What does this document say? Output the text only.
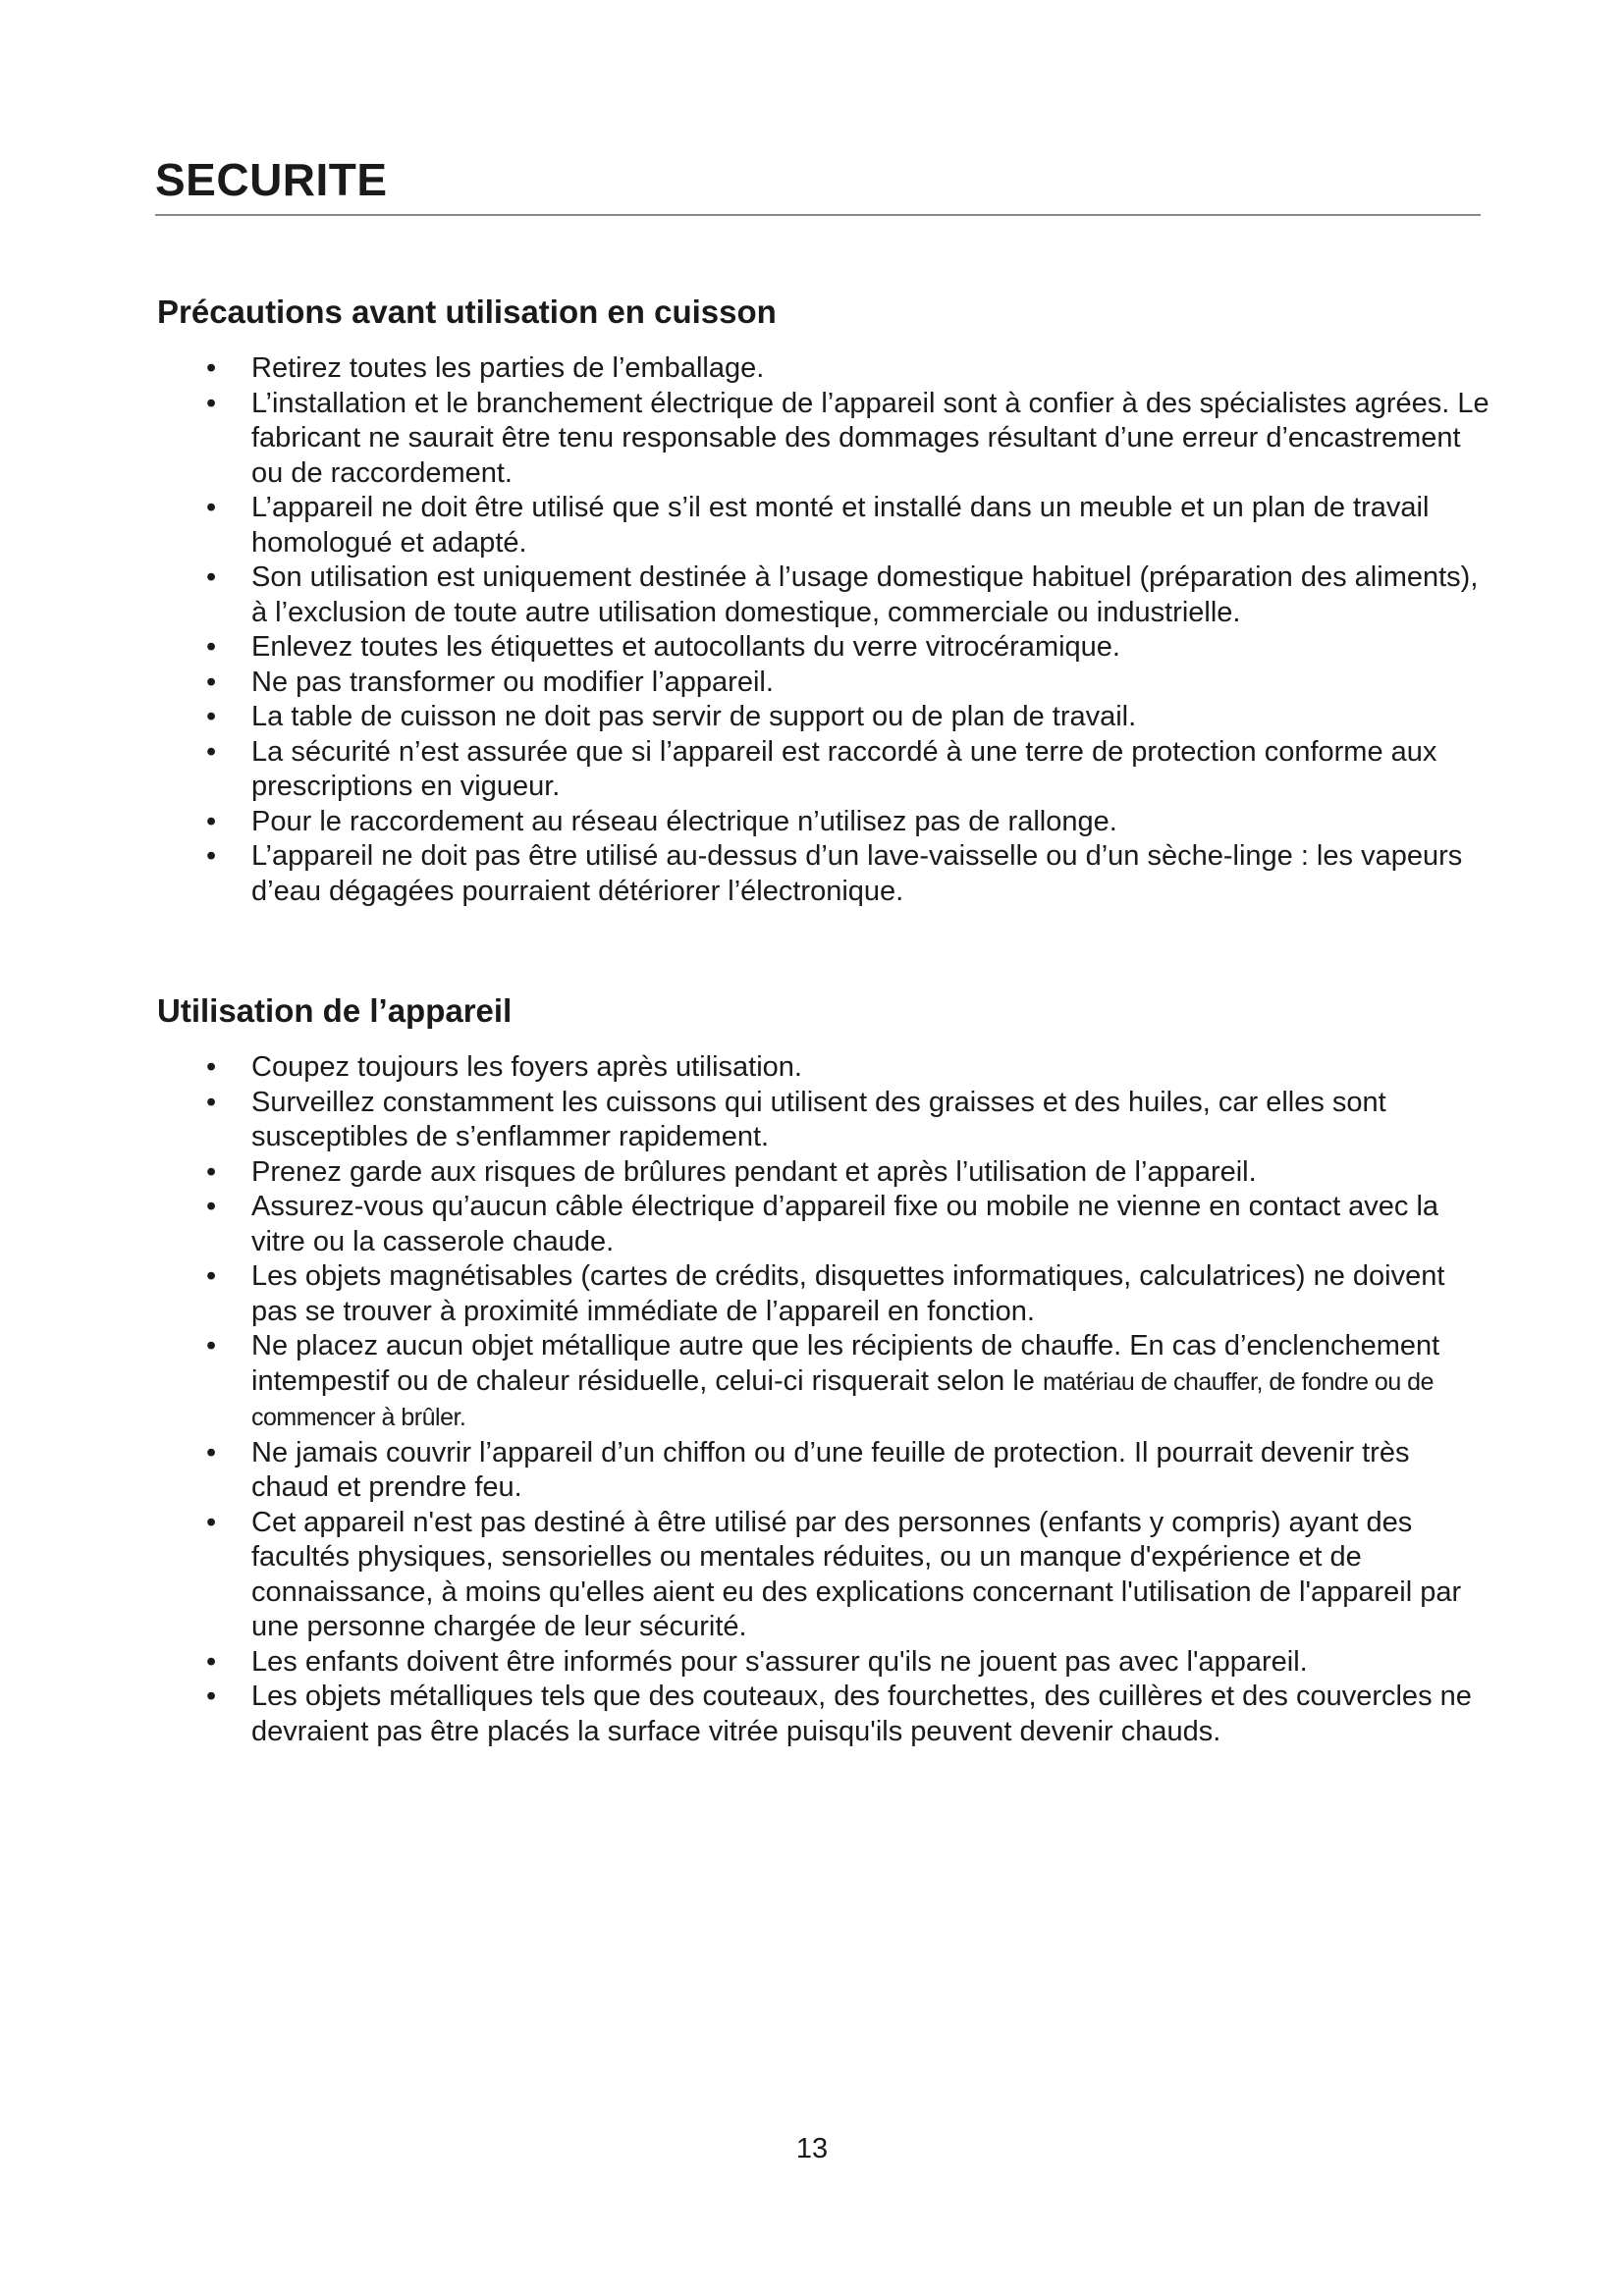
SECURITE
Précautions avant utilisation en cuisson
• Retirez toutes les parties de l’emballage.
• L’installation et le branchement électrique de l’appareil sont à confier à des spécialistes agrées. Le fabricant ne saurait être tenu responsable des dommages résultant d’une erreur d’encastrement ou de raccordement.
• L’appareil ne doit être utilisé que s’il est monté et installé dans un meuble et un plan de travail homologué et adapté.
• Son utilisation est uniquement destinée à l’usage domestique habituel (préparation des aliments), à l’exclusion de toute autre utilisation domestique, commerciale ou industrielle.
• Enlevez toutes les étiquettes et autocollants du verre vitrocéramique.
• Ne pas transformer ou modifier l’appareil.
• La table de cuisson ne doit pas servir de support ou de plan de travail.
• La sécurité n’est assurée que si l’appareil est raccordé à une terre de protection conforme aux prescriptions en vigueur.
• Pour le raccordement au réseau électrique n’utilisez pas de rallonge.
• L’appareil ne doit pas être utilisé au-dessus d’un lave-vaisselle ou d’un sèche-linge : les vapeurs d’eau dégagées pourraient détériorer l’électronique.
Utilisation de l’appareil
• Coupez toujours les foyers après utilisation.
• Surveillez constamment les cuissons qui utilisent des graisses et des huiles, car elles sont susceptibles de s’enflammer rapidement.
• Prenez garde aux risques de brûlures pendant et après l’utilisation de l’appareil.
• Assurez-vous qu’aucun câble électrique d’appareil fixe ou mobile ne vienne en contact avec la vitre ou la casserole chaude.
• Les objets magnétisables (cartes de crédits, disquettes informatiques, calculatrices) ne doivent pas se trouver à proximité immédiate de l’appareil en fonction.
• Ne placez aucun objet métallique autre que les récipients de chauffe. En cas d’enclenchement intempestif ou de chaleur résiduelle, celui-ci risquerait selon le matériau de chauffer, de fondre ou de commencer à brûler.
• Ne jamais couvrir l’appareil d’un chiffon ou d’une feuille de protection. Il pourrait devenir très chaud et prendre feu.
• Cet appareil n'est pas destiné à être utilisé par des personnes (enfants y compris) ayant des facultés physiques, sensorielles ou mentales réduites, ou un manque d'expérience et de connaissance, à moins qu'elles aient eu des explications concernant l'utilisation de l'appareil par une personne chargée de leur sécurité.
• Les enfants doivent être informés pour s'assurer qu'ils ne jouent pas avec l'appareil.
• Les objets métalliques tels que des couteaux, des fourchettes, des cuillères et des couvercles ne devraient pas être placés la surface vitrée puisqu'ils peuvent devenir chauds.
13
